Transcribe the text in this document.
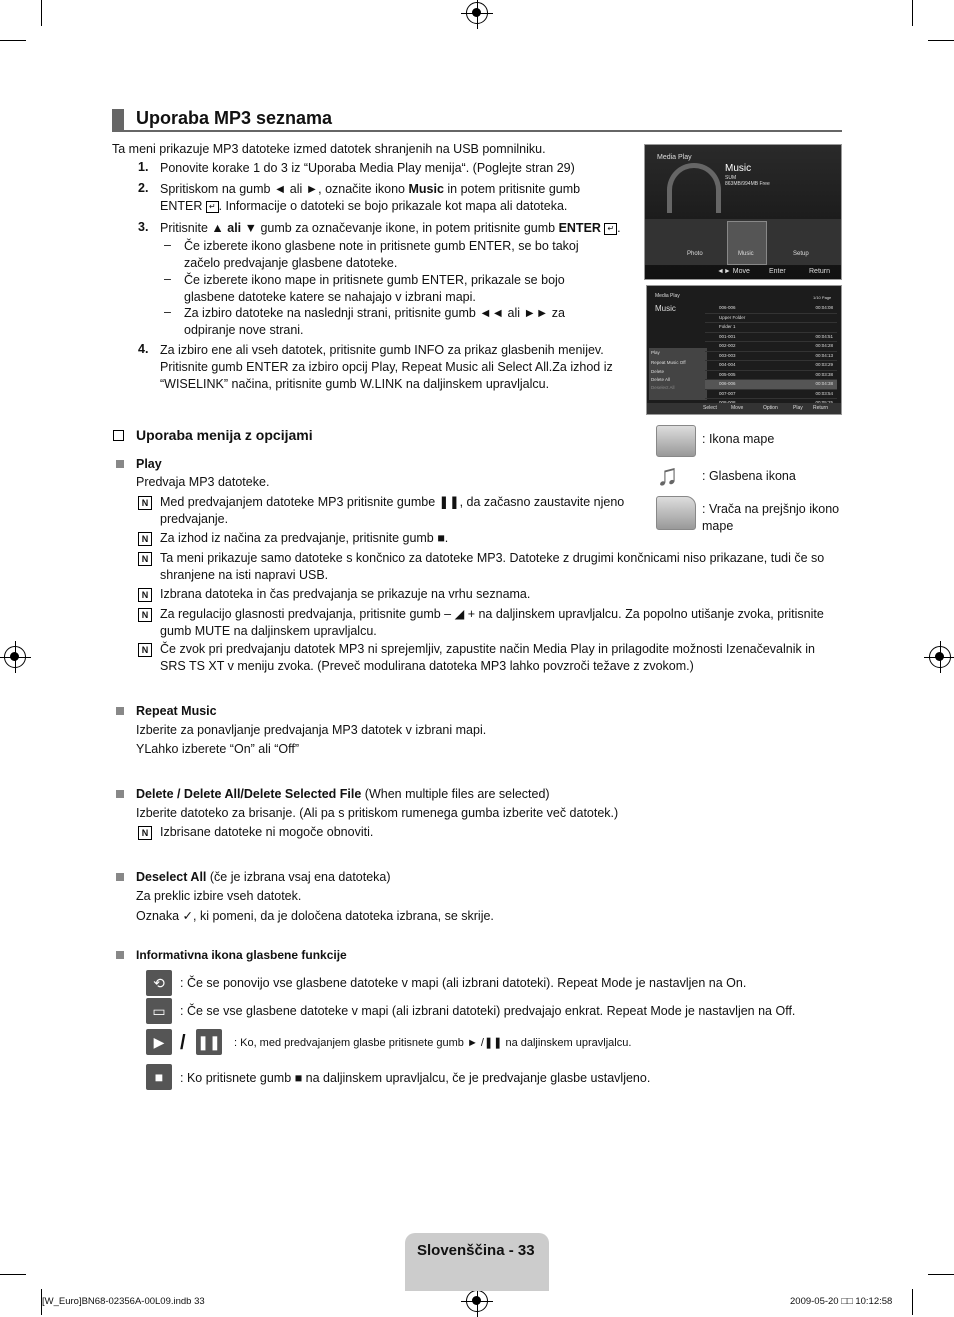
Uporaba MP3 seznama

Ta meni prikazuje MP3 datoteke izmed datotek shranjenih na USB pomnilniku.

1. Ponovite korake 1 do 3 iz “Uporaba Media Play menija“. (Poglejte stran 29)

2. Spritiskom na gumb ◄ ali ►, označite ikono Music in potem pritisnite gumb ENTER ↵ . Informacije o datoteki se bojo prikazale kot mapa ali datoteka.

3. Pritisnite ▲ ali ▼ gumb za označevanje ikone, in potem pritisnite gumb ENTER ↵ .

– Če izberete ikono glasbene note in pritisnete gumb ENTER, se bo takoj začelo predvajanje glasbene datoteke.

– Če izberete ikono mape in pritisnete gumb ENTER, prikazale se bojo glasbene datoteke katere se nahajajo v izbrani mapi.

– Za izbiro datoteke na naslednji strani, pritisnite gumb ◄◄ ali ►► za odpiranje nove strani.

4. Za izbiro ene ali vseh datotek, pritisnite gumb INFO za prikaz glasbenih menijev. Pritisnite gumb ENTER za izbiro opcij Play, Repeat Music ali Select All.Za izhod iz “WISELINK” načina, pritisnite gumb W.LINK na daljinskem upravljalcu.

Media Play
Music
SUM
863MB/994MB Free
Photo	Music	Setup
◄► Move	Enter	Return
Media Play
Music
1/10 Page
Play
Repeat Music Off
Delete
Delete All
Deselect All
006-006	00:04:08
Upper Folder
Folder 1
001-001	00:04:51
002-002	00:04:28
003-003	00:04:13
004-004	00:03:29
005-005	00:03:38
006-006	00:04:38
007-007	00:03:54
Select	Move	Option	Play Return
Uporaba menija z opcijami	: Ikona mape
♫ : Glasbena ikona

: Vrača na prejšnjo ikono mape

Play
Predvaja MP3 datoteke.
N Med predvajanjem datoteke MP3 pritisnite gumbe ❚❚, da začasno zaustavite njeno predvajanje.

N Za izhod iz načina za predvajanje, pritisnite gumb ■.

N Ta meni prikazuje samo datoteke s končnico za datoteke MP3. Datoteke z drugimi končnicami niso prikazane, tudi če so shranjene na isti napravi USB.

N Izbrana datoteka in čas predvajanja se prikazuje na vrhu seznama.

N Za regulacijo glasnosti predvajanja, pritisnite gumb – ◢ + na daljinskem upravljalcu. Za popolno utišanje zvoka, pritisnite gumb MUTE na daljinskem upravljalcu.

N Če zvok pri predvajanju datotek MP3 ni sprejemljiv, zapustite način Media Play in prilagodite možnosti Izenačevalnik in SRS TS XT v meniju zvoka. (Prevеč modulirana datoteka MP3 lahko povzroči težave z zvokom.)

Repeat Music
Izberite za ponavljanje predvajanja MP3 datotek v izbrani mapi.
YLahko izberete “On” ali “Off”
Delete / Delete All/Delete Selected File (When multiple files are selected)
Izberite datoteko za brisanje. (Ali pa s pritiskom rumenega gumba izberite več datotek.)
N Izbrisane datoteke ni mogoče obnoviti.
Deselect All (če je izbrana vsaj ena datoteka)
Za preklic izbire vseh datotek.
Oznaka ✓, ki pomeni, da je določena datoteka izbrana, se skrije.
Informativna ikona glasbene funkcije
⟲	: Če se ponovijo vse glasbene datoteke v mapi (ali izbrani datoteki). Repeat Mode je nastavljen na On.
▭	: Če se vse glasbene datoteke v mapi (ali izbrani datoteki) predvajajo enkrat. Repeat Mode je nastavljen na Off.
▶ / ❚❚ : Ko, med predvajanjem glasbe pritisnete gumb ► /❚❚ na daljinskem upravljalcu.
■	: Ko pritisnete gumb ■ na daljinskem upravljalcu, če je predvajanje glasbe ustavljeno.
Slovenščina - 33
[W_Euro]BN68-02356A-00L09.indb 33	2009-05-20 □□ 10:12:58
